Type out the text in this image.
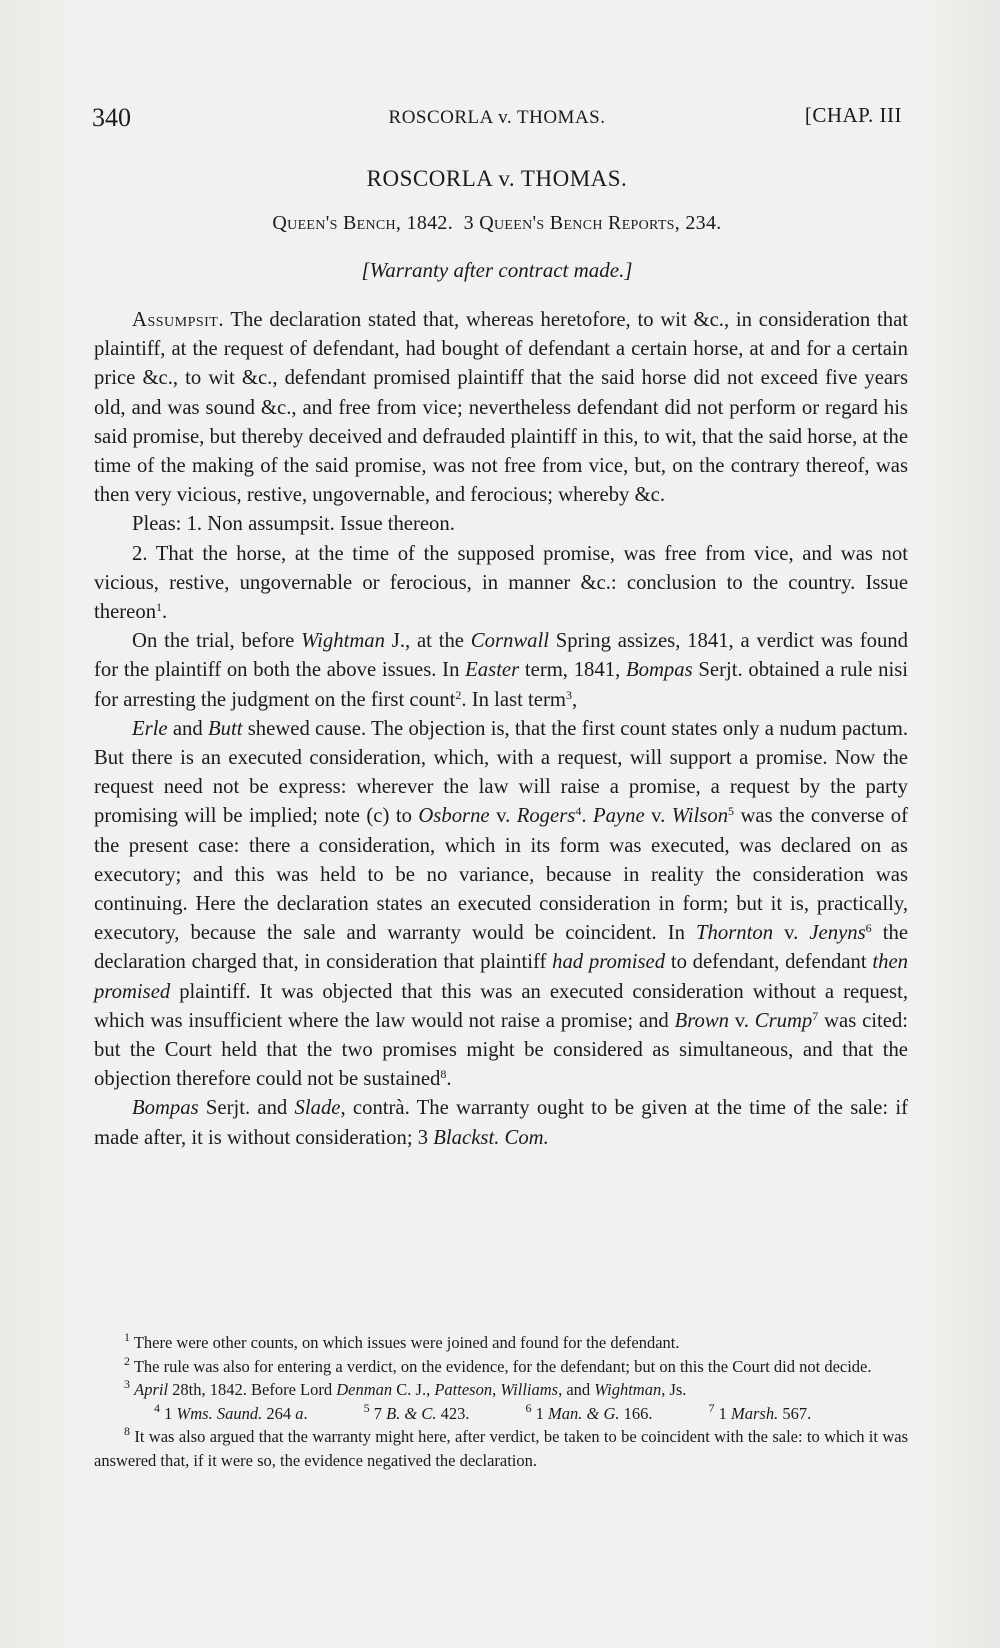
340	ROSCORLA v. THOMAS.	[CHAP. III
ROSCORLA v. THOMAS.
Queen's Bench, 1842. 3 Queen's Bench Reports, 234.
[Warranty after contract made.]

Assumpsit. The declaration stated that, whereas heretofore, to wit &c., in consideration that plaintiff, at the request of defendant, had bought of defendant a certain horse, at and for a certain price &c., to wit &c., defendant promised plaintiff that the said horse did not exceed five years old, and was sound &c., and free from vice; nevertheless defendant did not perform or regard his said promise, but thereby deceived and defrauded plaintiff in this, to wit, that the said horse, at the time of the making of the said promise, was not free from vice, but, on the contrary thereof, was then very vicious, restive, ungovernable, and ferocious; whereby &c.

Pleas: 1. Non assumpsit. Issue thereon.

2. That the horse, at the time of the supposed promise, was free from vice, and was not vicious, restive, ungovernable or ferocious, in manner &c.: conclusion to the country. Issue thereon$^1$.

On the trial, before Wightman J., at the Cornwall Spring assizes, 1841, a verdict was found for the plaintiff on both the above issues. In Easter term, 1841, Bompas Serjt. obtained a rule nisi for arresting the judgment on the first count$^2$. In last term$^3$,

Erle and Butt shewed cause. The objection is, that the first count states only a nudum pactum. But there is an executed consideration, which, with a request, will support a promise. Now the request need not be express: wherever the law will raise a promise, a request by the party promising will be implied; note (c) to Osborne v. Rogers$^4$. Payne v. Wilson$^5$ was the converse of the present case: there a consideration, which in its form was executed, was declared on as executory; and this was held to be no variance, because in reality the consideration was continuing. Here the declaration states an executed consideration in form; but it is, practically, executory, because the sale and warranty would be coincident. In Thornton v. Jenyns$^6$ the declaration charged that, in consideration that plaintiff had promised to defendant, defendant then promised plaintiff. It was objected that this was an executed consideration without a request, which was insufficient where the law would not raise a promise; and Brown v. Crump$^7$ was cited: but the Court held that the two promises might be considered as simultaneous, and that the objection therefore could not be sustained$^8$.

Bompas Serjt. and Slade, contrà. The warranty ought to be given at the time of the sale: if made after, it is without consideration; 3 Blackst. Com.

$^1$ There were other counts, on which issues were joined and found for the defendant.

$^2$ The rule was also for entering a verdict, on the evidence, for the defendant; but on this the Court did not decide.

$^3$ April 28th, 1842. Before Lord Denman C. J., Patteson, Williams, and Wightman, Js.

$^4$ 1 Wms. Saund. 264 a.	$^5$ 7 B. & C. 423.	$^6$ 1 Man. & G. 166.	$^7$ 1 Marsh. 567.

$^8$ It was also argued that the warranty might here, after verdict, be taken to be coincident with the sale: to which it was answered that, if it were so, the evidence negatived the declaration.
